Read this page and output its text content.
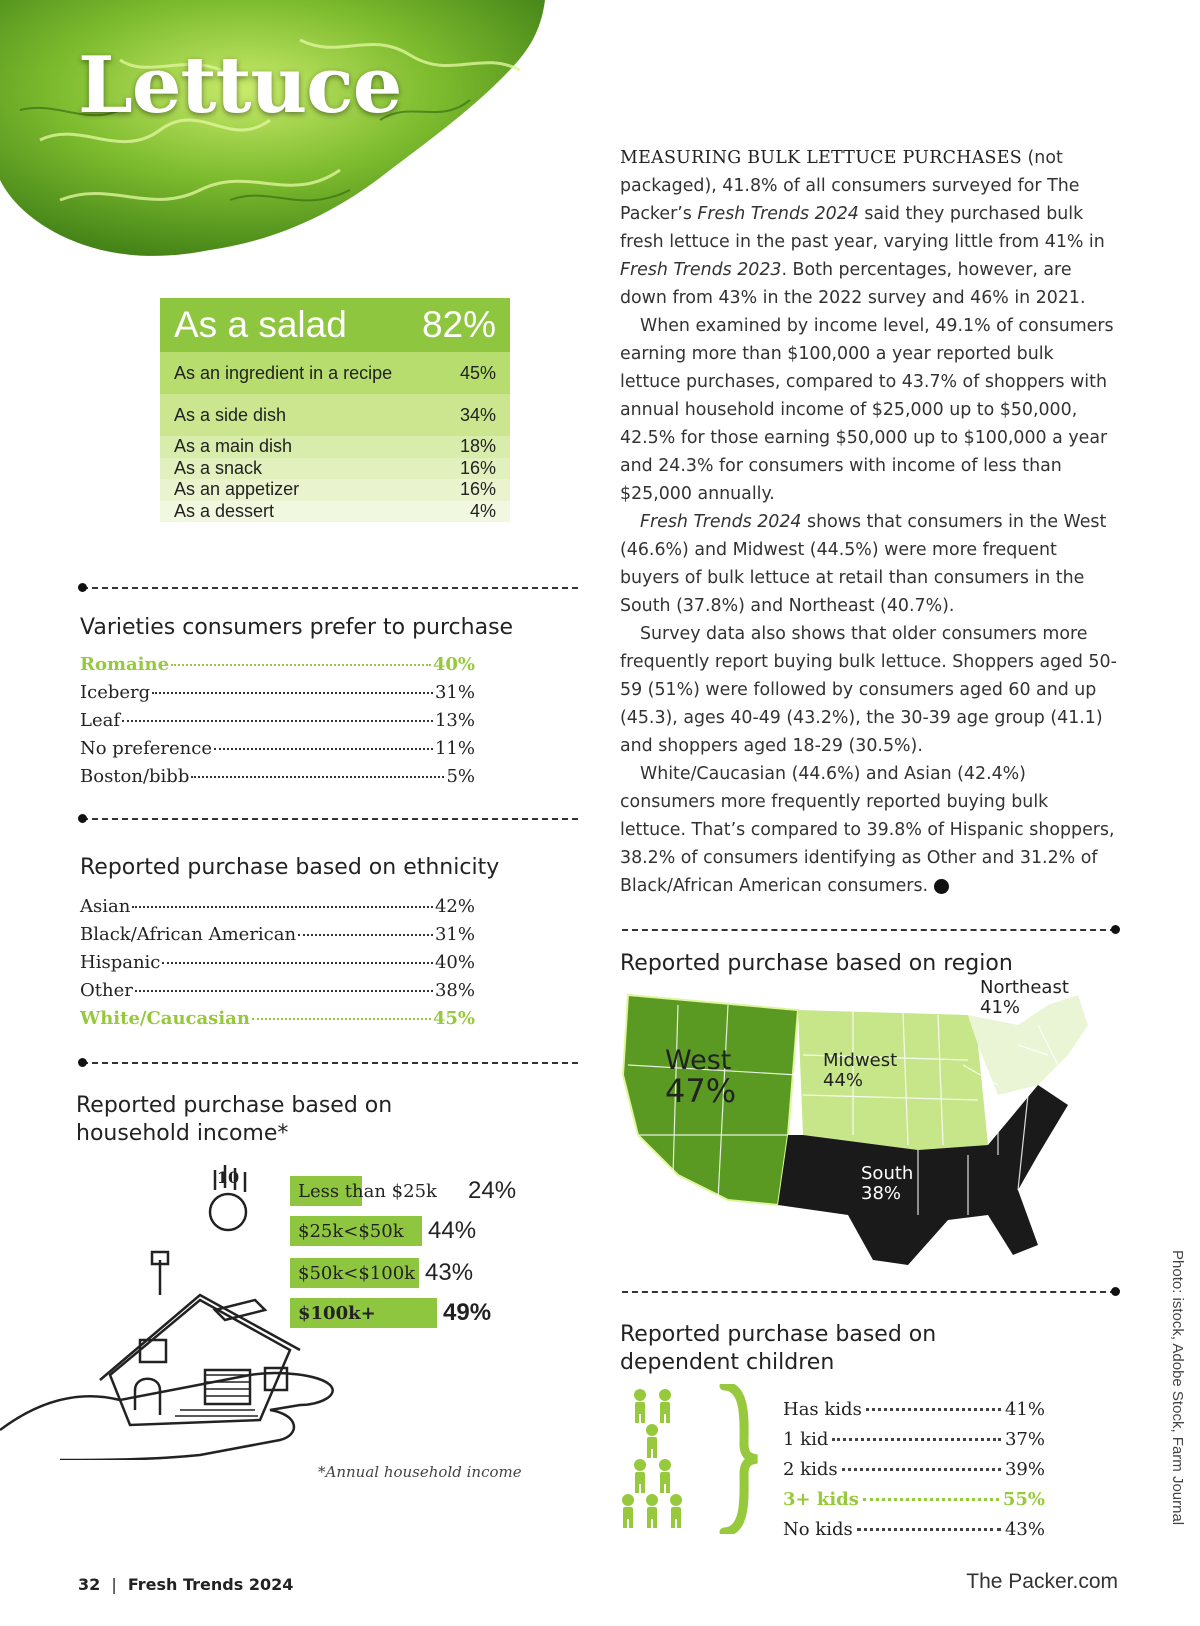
Lettuce
As a salad 82%
As an ingredient in a recipe	45%
As a side dish	34%
As a main dish	18%
As a snack	16%
As an appetizer	16%
As a dessert	4%
Varieties consumers prefer to purchase
Romaine	40%
Iceberg	31%
Leaf	13%
No preference	11%
Boston/bibb	5%
Reported purchase based on ethnicity
Asian	42%
Black/African American	31%
Hispanic	40%
Other	38%
White/Caucasian	45%
Reported purchase based on
household income*
10
Less than $25k 24%
$25k<$50k 44%
$50k<$100k 43%
$100k+	49%
*Annual household income

MEASURING BULK LETTUCE PURCHASES (not packaged), 41.8% of all consumers surveyed for The Packer’s Fresh Trends 2024 said they purchased bulk fresh lettuce in the past year, varying little from 41% in Fresh Trends 2023. Both percentages, however, are down from 43% in the 2022 survey and 46% in 2021.

When examined by income level, 49.1% of consumers earning more than $100,000 a year reported bulk lettuce purchases, compared to 43.7% of shoppers with annual household income of $25,000 up to $50,000, 42.5% for those earning $50,000 up to $100,000 a year and 24.3% for consumers with income of less than $25,000 annually.

Fresh Trends 2024 shows that consumers in the West (46.6%) and Midwest (44.5%) were more frequent buyers of bulk lettuce at retail than consumers in the South (37.8%) and Northeast (40.7%).

Survey data also shows that older consumers more frequently report buying bulk lettuce. Shoppers aged 50-59 (51%) were followed by consumers aged 60 and up (45.3), ages 40-49 (43.2%), the 30-39 age group (41.1) and shoppers aged 18-29 (30.5%).

White/Caucasian (44.6%) and Asian (42.4%) consumers more frequently reported buying bulk lettuce. That’s compared to 39.8% of Hispanic shoppers, 38.2% of consumers identifying as Other and 31.2% of Black/African American consumers.	FT

Reported purchase based on region
Northeast
41%
West
47%
Midwest
44%
South
38%
Reported purchase based on
dependent children
Has kids	41%
1 kid	37%
2 kids	39%
3+ kids	55%
No kids	43%
Photo: istock, Adobe Stock, Farm Journal
32 | Fresh Trends 2024	The Packer.com
